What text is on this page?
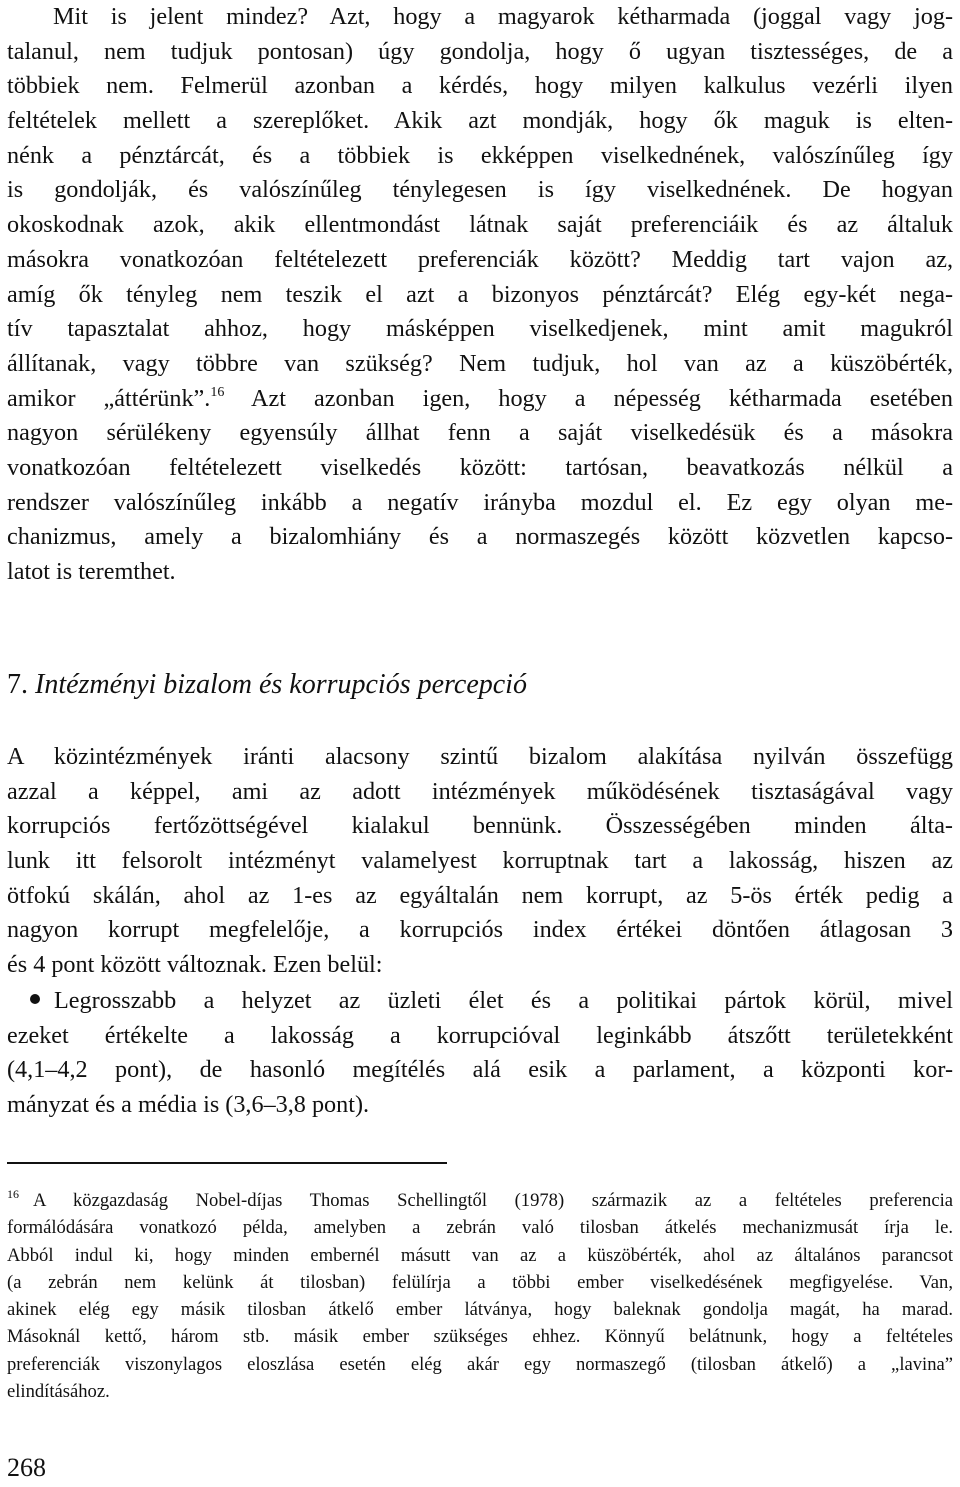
Mit is jelent mindez? Azt, hogy a magyarok kétharmada (joggal vagy jog-
talanul, nem tudjuk pontosan) úgy gondolja, hogy ő ugyan tisztességes, de a
többiek nem. Felmerül azonban a kérdés, hogy milyen kalkulus vezérli ilyen
feltételek mellett a szereplőket. Akik azt mondják, hogy ők maguk is elten-
nénk a pénztárcát, és a többiek is ekképpen viselkednének, valószínűleg így
is gondolják, és valószínűleg ténylegesen is így viselkednének. De hogyan
okoskodnak azok, akik ellentmondást látnak saját preferenciáik és az általuk
másokra vonatkozóan feltételezett preferenciák között? Meddig tart vajon az,
amíg ők tényleg nem teszik el azt a bizonyos pénztárcát? Elég egy-két nega-
tív tapasztalat ahhoz, hogy másképpen viselkedjenek, mint amit magukról
állítanak, vagy többre van szükség? Nem tudjuk, hol van az a küszöbérték,
amikor „áttérünk”.$^{16}$ Azt azonban igen, hogy a népesség kétharmada esetében
nagyon sérülékeny egyensúly állhat fenn a saját viselkedésük és a másokra
vonatkozóan feltételezett viselkedés között: tartósan, beavatkozás nélkül a
rendszer valószínűleg inkább a negatív irányba mozdul el. Ez egy olyan me-
chanizmus, amely a bizalomhiány és a normaszegés között közvetlen kapcso-
latot is teremthet.

7. Intézményi bizalom és korrupciós percepció

A közintézmények iránti alacsony szintű bizalom alakítása nyilván összefügg
azzal a képpel, ami az adott intézmények működésének tisztaságával vagy
korrupciós fertőzöttségével kialakul bennünk. Összességében minden álta-
lunk itt felsorolt intézményt valamelyest korruptnak tart a lakosság, hiszen az
ötfokú skálán, ahol az 1-es az egyáltalán nem korrupt, az 5-ös érték pedig a
nagyon korrupt megfelelője, a korrupciós index értékei döntően átlagosan 3
és 4 pont között változnak. Ezen belül:

Legrosszabb a helyzet az üzleti élet és a politikai pártok körül, mivel
ezeket értékelte a lakosság a korrupcióval leginkább átszőtt területekként
(4,1–4,2 pont), de hasonló megítélés alá esik a parlament, a központi kor-
mányzat és a média is (3,6–3,8 pont).

$^{16}$ A közgazdaság Nobel-díjas Thomas Schellingtől (1978) származik az a feltételes preferencia
formálódására vonatkozó példa, amelyben a zebrán való tilosban átkelés mechanizmusát írja le.
Abból indul ki, hogy minden embernél másutt van az a küszöbérték, ahol az általános parancsot
(a zebrán nem kelünk át tilosban) felülírja a többi ember viselkedésének megfigyelése. Van,
akinek elég egy másik tilosban átkelő ember látványa, hogy baleknak gondolja magát, ha marad.
Másoknál kettő, három stb. másik ember szükséges ehhez. Könnyű belátnunk, hogy a feltételes
preferenciák viszonylagos eloszlása esetén elég akár egy normaszegő (tilosban átkelő) a „lavina”
elindításához.

268
